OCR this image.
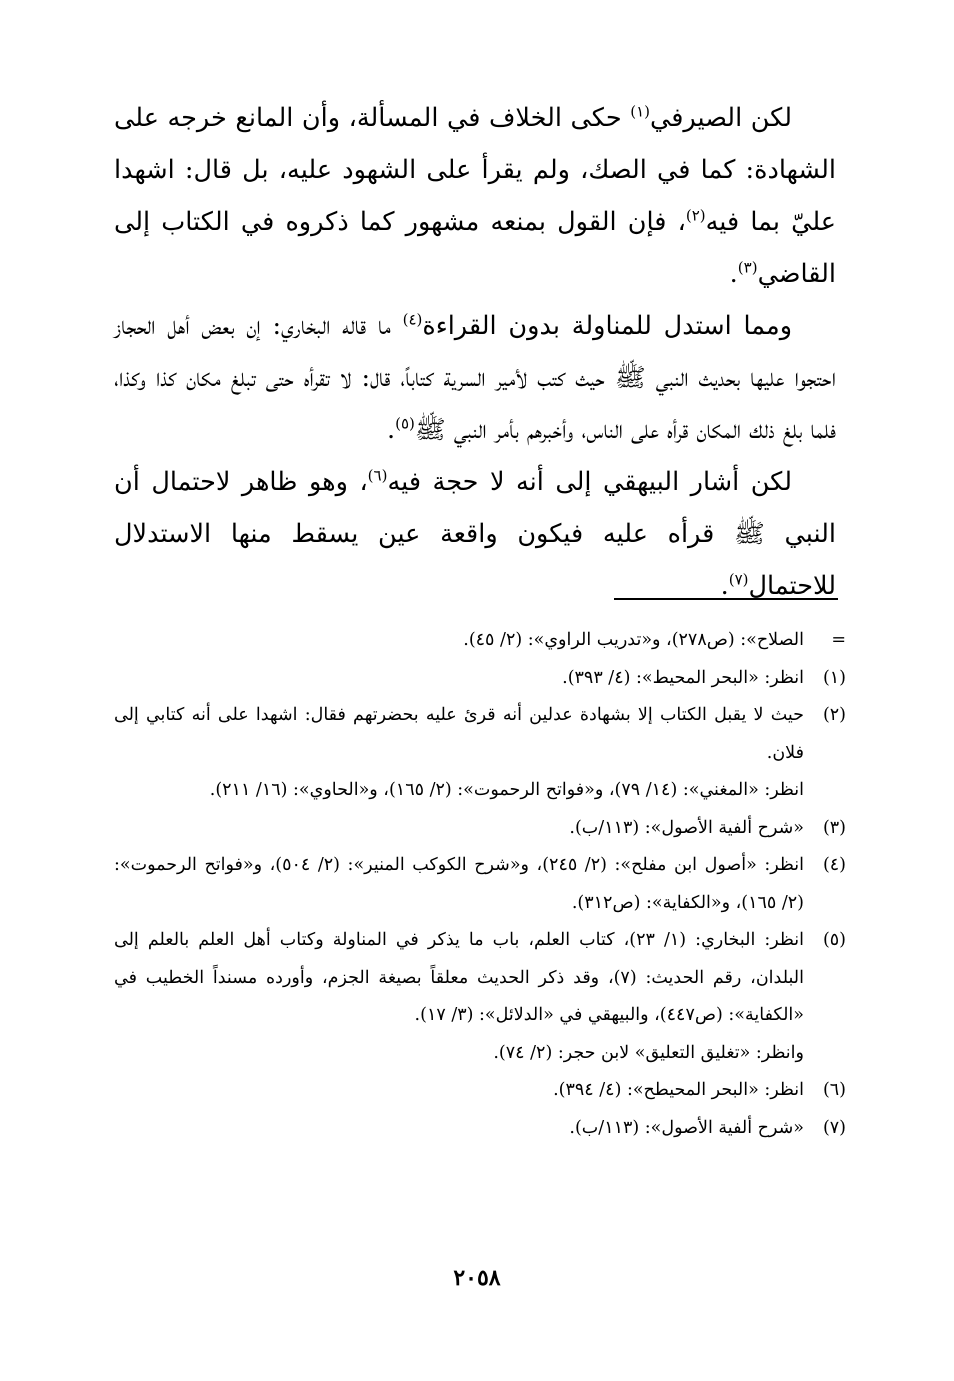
لكن الصيرفي$^{(١)}$ حكى الخلاف في المسألة، وأن المانع خرجه على الشهادة: كما في الصك، ولم يقرأ على الشهود عليه، بل قال: اشهدا عليّ بما فيه$^{(٢)}$، فإن القول بمنعه مشهور كما ذكروه في الكتاب إلى القاضي$^{(٣)}$.

ومما استدل للمناولة بدون القراءة$^{(٤)}$ ما قاله البخاري: إن بعض أهل الحجاز احتجوا عليها بحديث النبي ﷺ حيث كتب لأمير السرية كتاباً، قال: لا تقرأه حتى تبلغ مكان كذا وكذا، فلما بلغ ذلك المكان قرأه على الناس، وأخبرهم بأمر النبي ﷺ$^{(٥)}$.

لكن أشار البيهقي إلى أنه لا حجة فيه$^{(٦)}$، وهو ظاهر لاحتمال أن النبي ﷺ قرأه عليه فيكون واقعة عين يسقط منها الاستدلال للاحتمال$^{(٧)}$.

=
الصلاح»: (ص٢٧٨)، و«تدريب الراوي»: (٢/ ٤٥).
(١)
انظر: «البحر المحيط»: (٤/ ٣٩٣).
(٢)
حيث لا يقبل الكتاب إلا بشهادة عدلين أنه قرئ عليه بحضرتهم فقال: اشهدا على أنه كتابي إلى فلان.
انظر: «المغني»: (١٤/ ٧٩)، و«فواتح الرحموت»: (٢/ ١٦٥)، و«الحاوي»: (١٦/ ٢١١).
(٣)
«شرح ألفية الأصول»: (١١٣/ب).
(٤)
انظر: «أصول ابن مفلح»: (٢/ ٢٤٥)، و«شرح الكوكب المنير»: (٢/ ٥٠٤)، و«فواتح الرحموت»: (٢/ ١٦٥)، و«الكفاية»: (ص٣١٢).
(٥)
انظر: البخاري: (١/ ٢٣)، كتاب العلم، باب ما يذكر في المناولة وكتاب أهل العلم بالعلم إلى البلدان، رقم الحديث: (٧)، وقد ذكر الحديث معلقاً بصيغة الجزم، وأورده مسنداً الخطيب في «الكفاية»: (ص٤٤٧)، والبيهقي في «الدلائل»: (٣/ ١٧).
وانظر: «تغليق التعليق» لابن حجر: (٢/ ٧٤).
(٦)
انظر: «البحر المحيطح»: (٤/ ٣٩٤).
(٧)
«شرح ألفية الأصول»: (١١٣/ب).
٢٠٥٨
